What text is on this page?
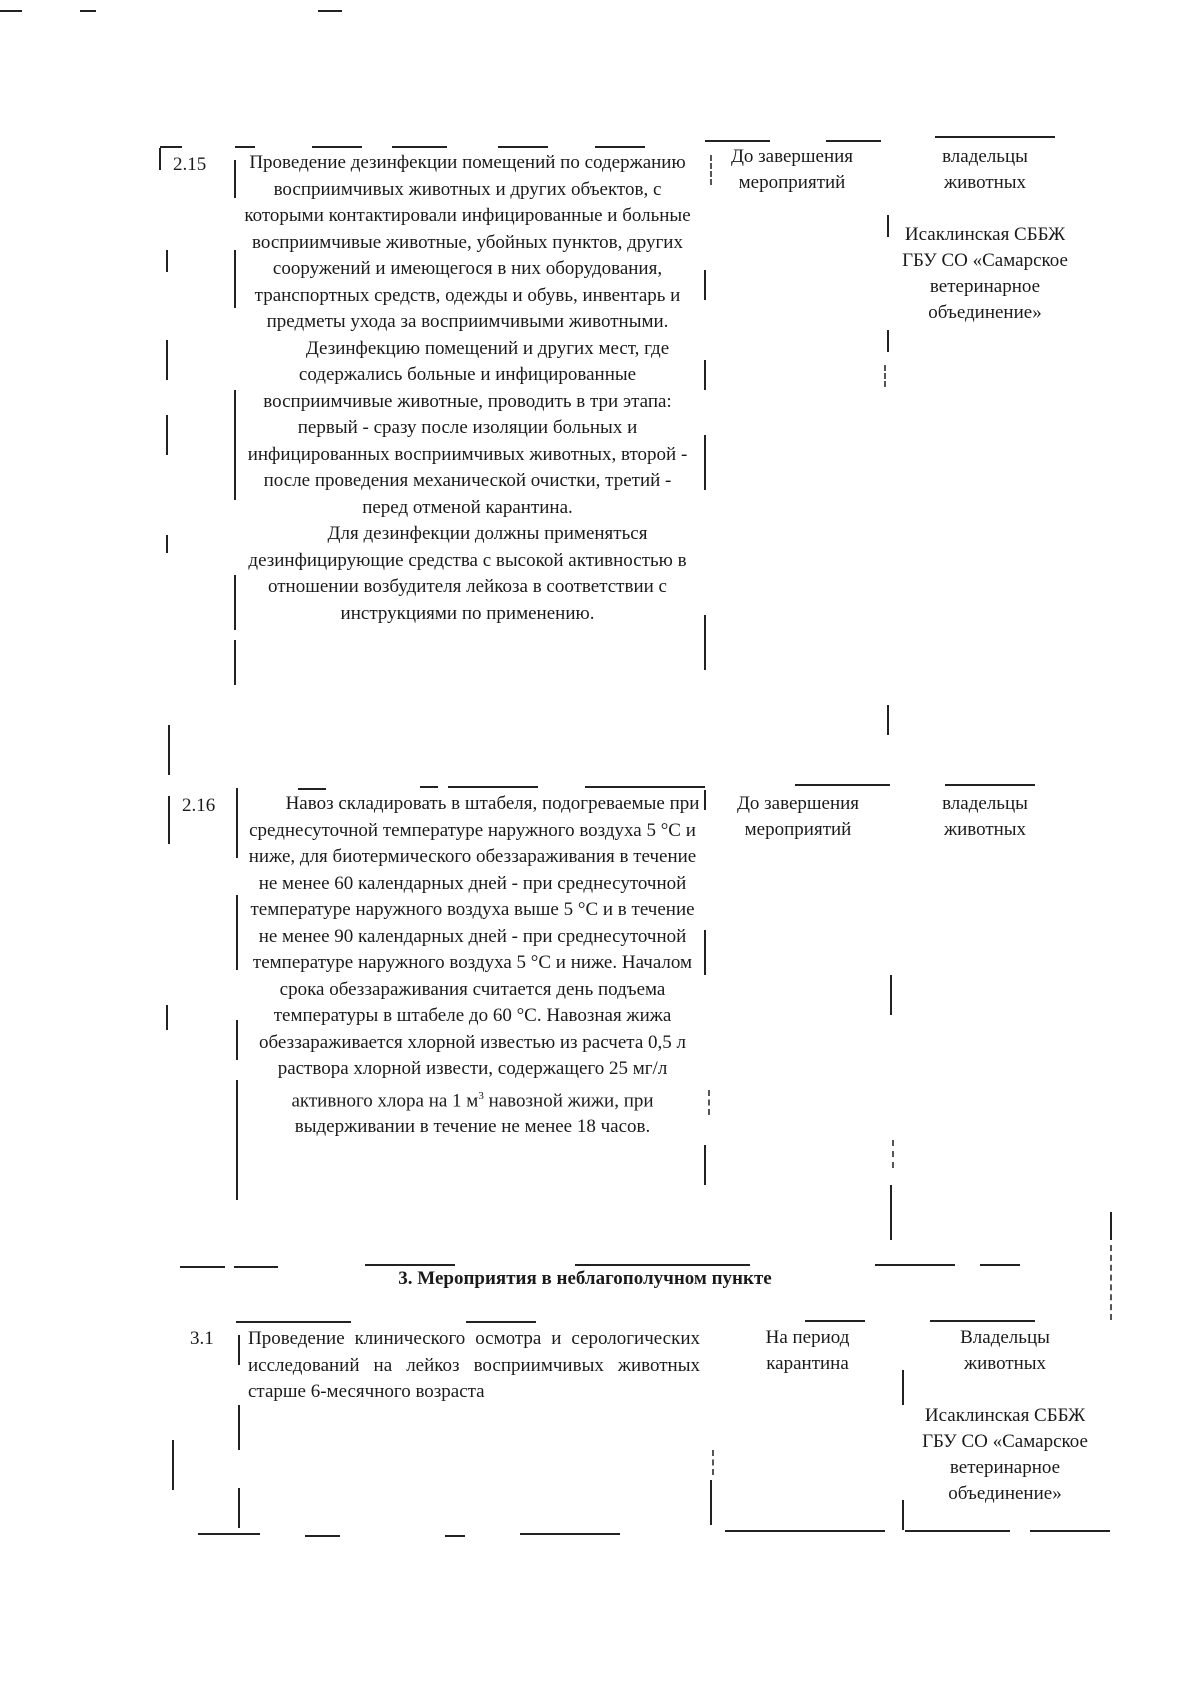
2.15	Проведение дезинфекции помещений по содержанию восприимчивых животных и других объектов, с которыми контактировали инфицированные и больные восприимчивые животные, убойных пунктов, других сооружений и имеющегося в них оборудования, транспортных средств, одежды и обувь, инвентарь и предметы ухода за восприимчивыми животными.

Дезинфекцию помещений и других мест, где содержались больные и инфицированные восприимчивые животные, проводить в три этапа: первый - сразу после изоляции больных и инфицированных восприимчивых животных, второй - после проведения механической очистки, третий - перед отменой карантина.

Для дезинфекции должны применяться дезинфицирующие средства с высокой активностью в отношении возбудителя лейкоза в соответствии с инструкциями по применению.

До завершения мероприятий
владельцы животных
Исаклинская СББЖ ГБУ СО «Самарское ветеринарное объединение»
2.16	Навоз складировать в штабеля, подогреваемые при среднесуточной температуре наружного воздуха 5 °С и ниже, для биотермического обеззараживания в течение не менее 60 календарных дней - при среднесуточной температуре наружного воздуха выше 5 °С и в течение не менее 90 календарных дней - при среднесуточной температуре наружного воздуха 5 °С и ниже. Началом срока обеззараживания считается день подъема температуры в штабеле до 60 °С. Навозная жижа обеззараживается хлорной известью из расчета 0,5 л раствора хлорной извести, содержащего 25 мг/л активного хлора на 1 $м^3$ навозной жижи, при выдерживании в течение не менее 18 часов.

До завершения мероприятий
владельцы животных
3. Мероприятия в неблагополучном пункте
3.1 Проведение клинического осмотра и серологических исследований на лейкоз восприимчивых животных старше 6-месячного возраста
На период карантина
Владельцы животных
Исаклинская СББЖ ГБУ СО «Самарское ветеринарное объединение»
